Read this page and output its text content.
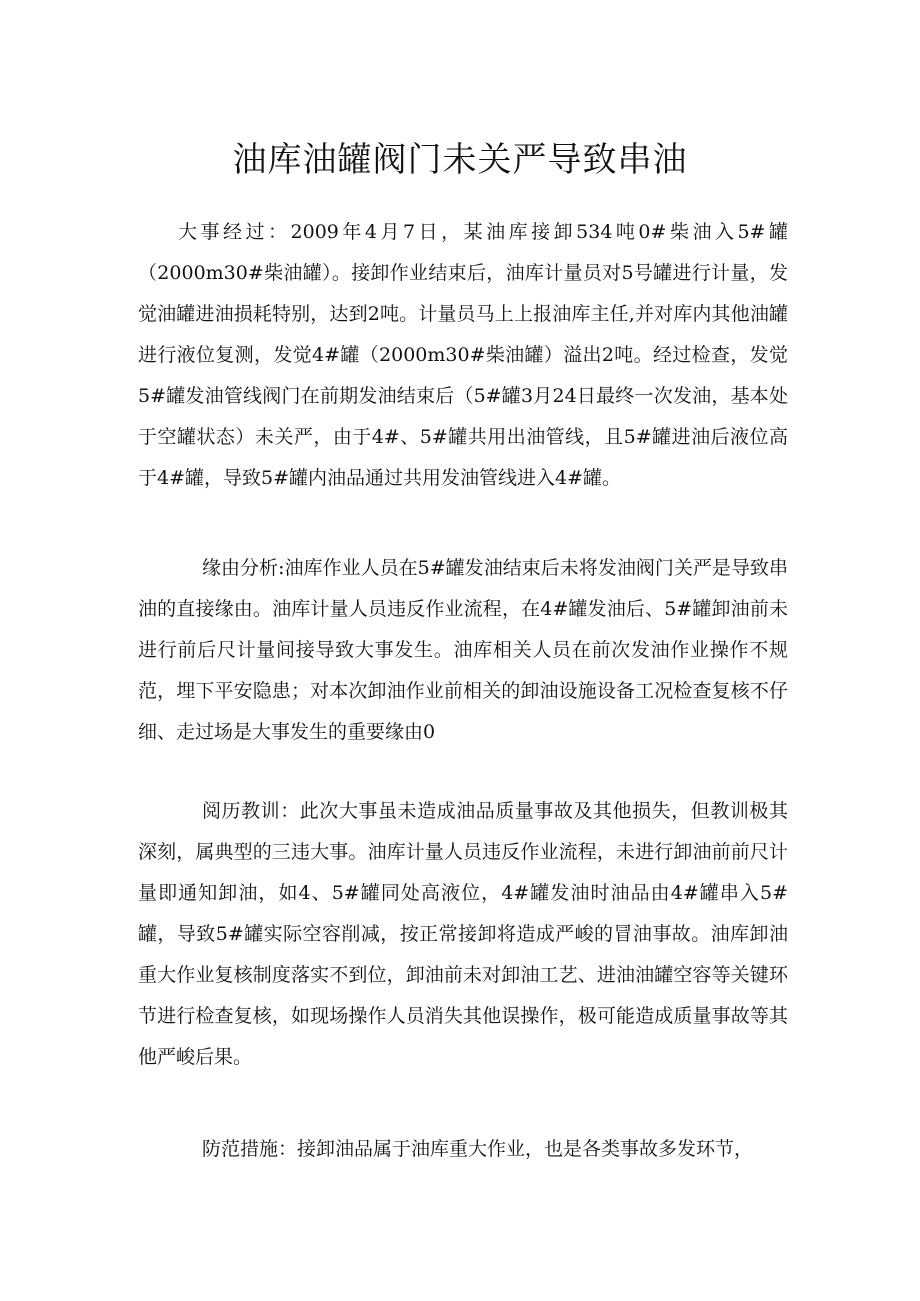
油库油罐阀门未关严导致串油

大事经过：2009年4月7日，某油库接卸534吨0#柴油入5#罐（2000m30#柴油罐）。接卸作业结束后，油库计量员对5号罐进行计量，发觉油罐进油损耗特别，达到2吨。计量员马上上报油库主任,并对库内其他油罐进行液位复测，发觉4#罐（2000m30#柴油罐）溢出2吨。经过检查，发觉5#罐发油管线阀门在前期发油结束后（5#罐3月24日最终一次发油，基本处于空罐状态）未关严，由于4#、5#罐共用出油管线，且5#罐进油后液位高于4#罐，导致5#罐内油品通过共用发油管线进入4#罐。

缘由分析:油库作业人员在5#罐发油结束后未将发油阀门关严是导致串油的直接缘由。油库计量人员违反作业流程，在4#罐发油后、5#罐卸油前未进行前后尺计量间接导致大事发生。油库相关人员在前次发油作业操作不规范，埋下平安隐患；对本次卸油作业前相关的卸油设施设备工况检查复核不仔细、走过场是大事发生的重要缘由0

阅历教训：此次大事虽未造成油品质量事故及其他损失，但教训极其深刻，属典型的三违大事。油库计量人员违反作业流程，未进行卸油前前尺计量即通知卸油，如4、5#罐同处高液位，4#罐发油时油品由4#罐串入5#罐，导致5#罐实际空容削减，按正常接卸将造成严峻的冒油事故。油库卸油重大作业复核制度落实不到位，卸油前未对卸油工艺、进油油罐空容等关键环节进行检查复核，如现场操作人员消失其他误操作，极可能造成质量事故等其他严峻后果。

防范措施：接卸油品属于油库重大作业，也是各类事故多发环节，
